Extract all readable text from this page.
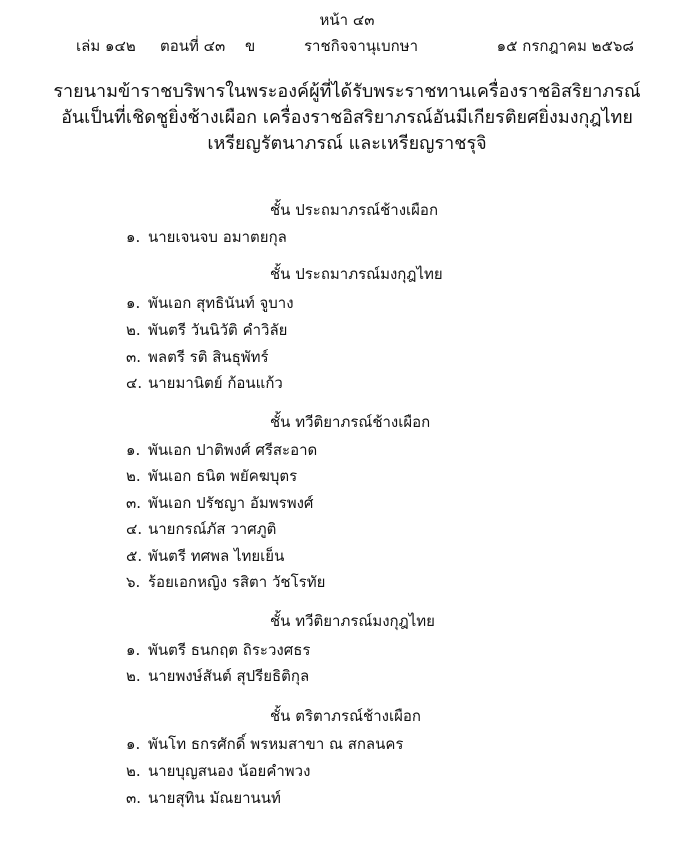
หน้า ๔๓
เล่ม ๑๔๒ ตอนที่ ๔๓ ข	ราชกิจจานุเบกษา	๑๕ กรกฎาคม ๒๕๖๘
รายนามข้าราชบริพารในพระองค์ผู้ที่ได้รับพระราชทานเครื่องราชอิสริยาภรณ์
อันเป็นที่เชิดชูยิ่งช้างเผือก เครื่องราชอิสริยาภรณ์อันมีเกียรติยศยิ่งมงกุฎไทย
เหรียญรัตนาภรณ์ และเหรียญราชรุจิ
ชั้น ประถมาภรณ์ช้างเผือก
๑. นายเจนจบ อมาตยกุล
ชั้น ประถมาภรณ์มงกุฎไทย
๑. พันเอก สุทธินันท์ จูบาง
๒. พันตรี วันนิวัติ คำวิลัย
๓. พลตรี รติ สินธุพัทร์
๔. นายมานิตย์ ก้อนแก้ว
ชั้น ทวีติยาภรณ์ช้างเผือก
๑. พันเอก ปาติพงศ์ ศรีสะอาด
๒. พันเอก ธนิต พยัคฆบุตร
๓. พันเอก ปรัชญา อัมพรพงศ์
๔. นายกรณ์ภัส วาศภูติ
๕. พันตรี ทศพล ไทยเย็น
๖. ร้อยเอกหญิง รสิตา วัชโรทัย
ชั้น ทวีติยาภรณ์มงกุฎไทย
๑. พันตรี ธนกฤต ถิระวงศธร
๒. นายพงษ์สันต์ สุปรียธิติกุล
ชั้น ตริตาภรณ์ช้างเผือก
๑. พันโท ธกรศักดิ์ พรหมสาขา ณ สกลนคร
๒. นายบุญสนอง น้อยคำพวง
๓. นายสุทิน มัณยานนท์
